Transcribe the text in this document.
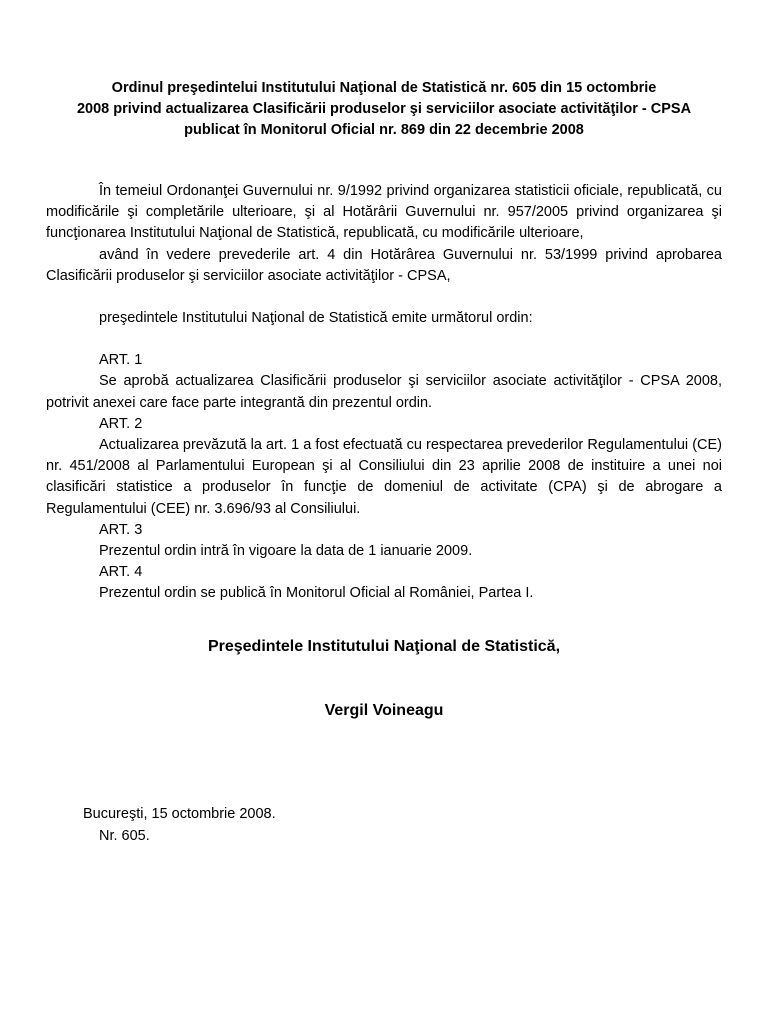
Ordinul preşedintelui Institutului Naţional de Statistică nr. 605 din 15 octombrie
2008 privind actualizarea Clasificării produselor şi serviciilor asociate activităţilor - CPSA
publicat în Monitorul Oficial nr. 869 din 22 decembrie 2008

În temeiul Ordonanţei Guvernului nr. 9/1992 privind organizarea statisticii oficiale, republicată, cu modificările şi completările ulterioare, şi al Hotărârii Guvernului nr. 957/2005 privind organizarea şi funcţionarea Institutului Naţional de Statistică, republicată, cu modificările ulterioare,

având în vedere prevederile art. 4 din Hotărârea Guvernului nr. 53/1999 privind aprobarea Clasificării produselor şi serviciilor asociate activităţilor - CPSA,

preşedintele Institutului Naţional de Statistică emite următorul ordin:

ART. 1

Se aprobă actualizarea Clasificării produselor şi serviciilor asociate activităţilor - CPSA 2008, potrivit anexei care face parte integrantă din prezentul ordin.

ART. 2

Actualizarea prevăzută la art. 1 a fost efectuată cu respectarea prevederilor Regulamentului (CE) nr. 451/2008 al Parlamentului European şi al Consiliului din 23 aprilie 2008 de instituire a unei noi clasificări statistice a produselor în funcţie de domeniul de activitate (CPA) şi de abrogare a Regulamentului (CEE) nr. 3.696/93 al Consiliului.

ART. 3

Prezentul ordin intră în vigoare la data de 1 ianuarie 2009.

ART. 4

Prezentul ordin se publică în Monitorul Oficial al României, Partea I.

Preşedintele Institutului Naţional de Statistică,

Vergil Voineagu

Bucureşti, 15 octombrie 2008.
Nr. 605.
